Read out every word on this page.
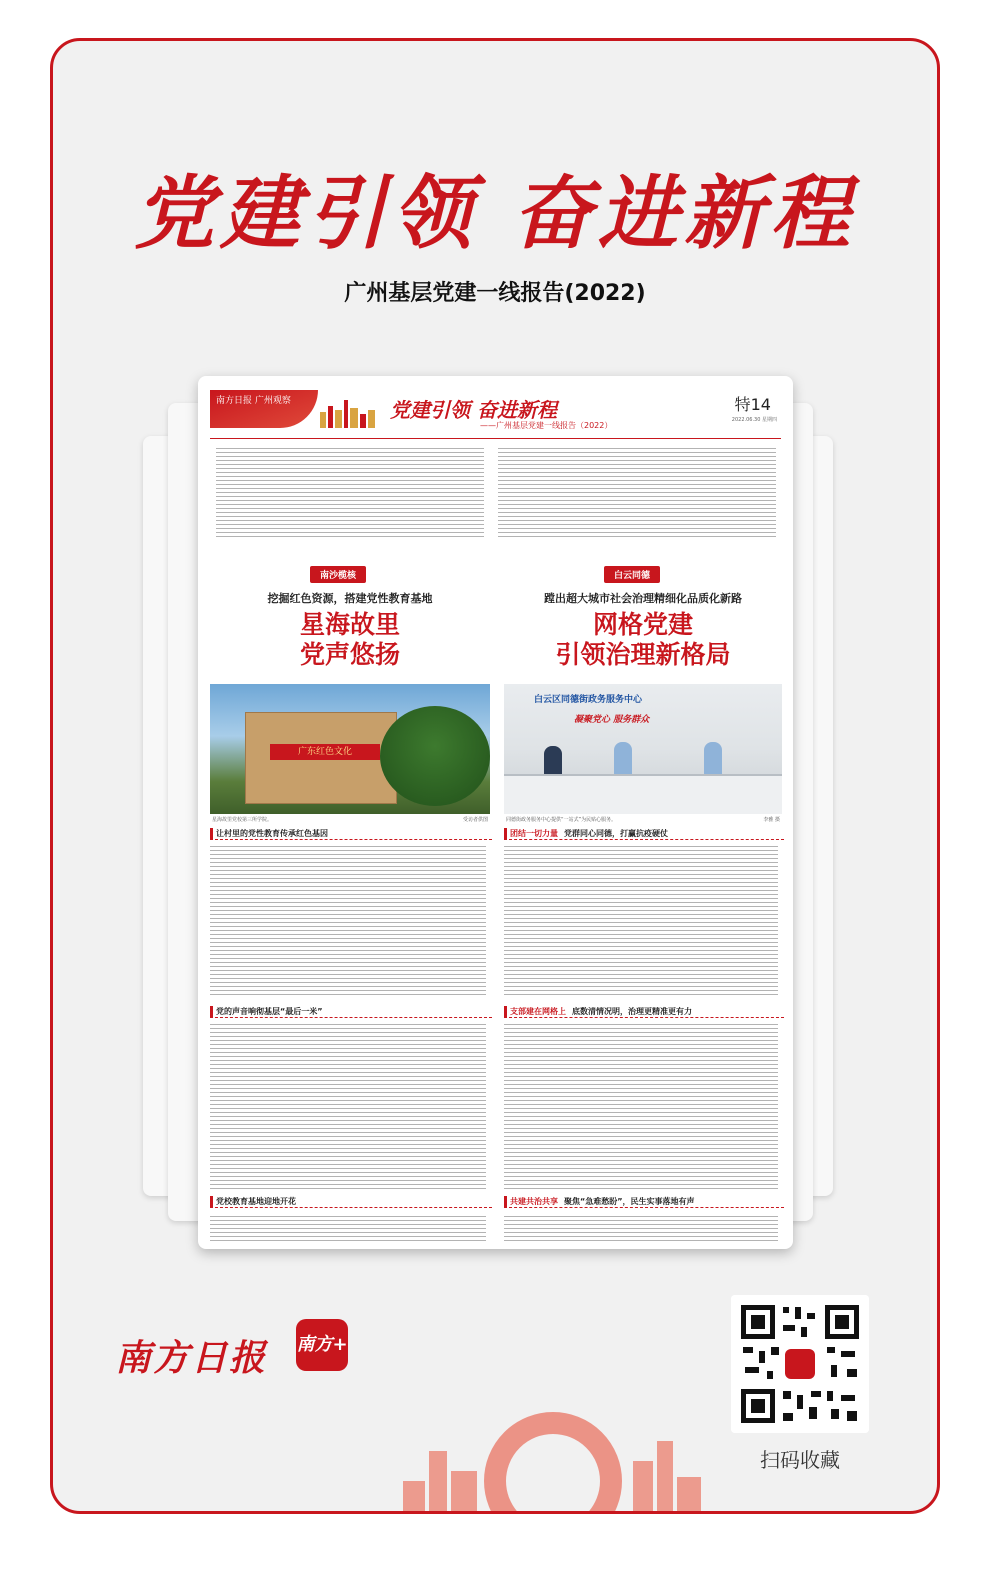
党建引领 奋进新程
广州基层党建一线报告(2022)
南方日报 广州观察	党建引领 奋进新程
——广州基层党建一线报告（2022）
特14
2022.06.30 星期四
南沙榄核
挖掘红色资源，搭建党性教育基地
星海故里
党声悠扬
广东红色文化
星海故里党校第三所学院。	受访者供图
让村里的党性教育传承红色基因
党的声音响彻基层“最后一米”
党校教育基地迎地开花
白云同德
蹚出超大城市社会治理精细化品质化新路
网格党建
引领治理新格局
白云区同德街政务服务中心
凝聚党心 服务群众
同德街政务服务中心提供“一站式”为民贴心服务。	李雅 摄
团结一切力量 党群同心同德，打赢抗疫硬仗
支部建在网格上 底数清情况明，治理更精准更有力
共建共治共享 聚焦“急难愁盼”，民生实事落地有声
南方日报 南方+
扫码收藏
